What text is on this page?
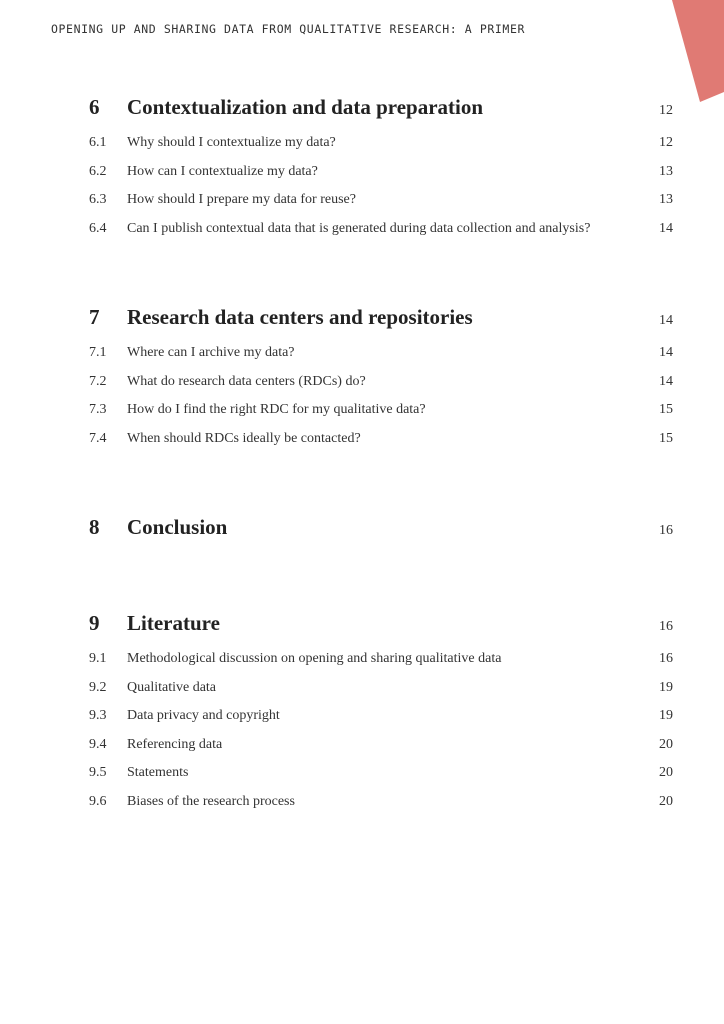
OPENING UP AND SHARING DATA FROM QUALITATIVE RESEARCH: A PRIMER
6	Contextualization and data preparation	12
6.1	Why should I contextualize my data?	12
6.2	How can I contextualize my data?	13
6.3	How should I prepare my data for reuse?	13
6.4	Can I publish contextual data that is generated during data collection and analysis?	14
7	Research data centers and repositories	14
7.1	Where can I archive my data?	14
7.2	What do research data centers (RDCs) do?	14
7.3	How do I find the right RDC for my qualitative data?	15
7.4	When should RDCs ideally be contacted?	15
8	Conclusion	16
9	Literature	16
9.1	Methodological discussion on opening and sharing qualitative data	16
9.2	Qualitative data	19
9.3	Data privacy and copyright	19
9.4	Referencing data	20
9.5	Statements	20
9.6	Biases of the research process	20
